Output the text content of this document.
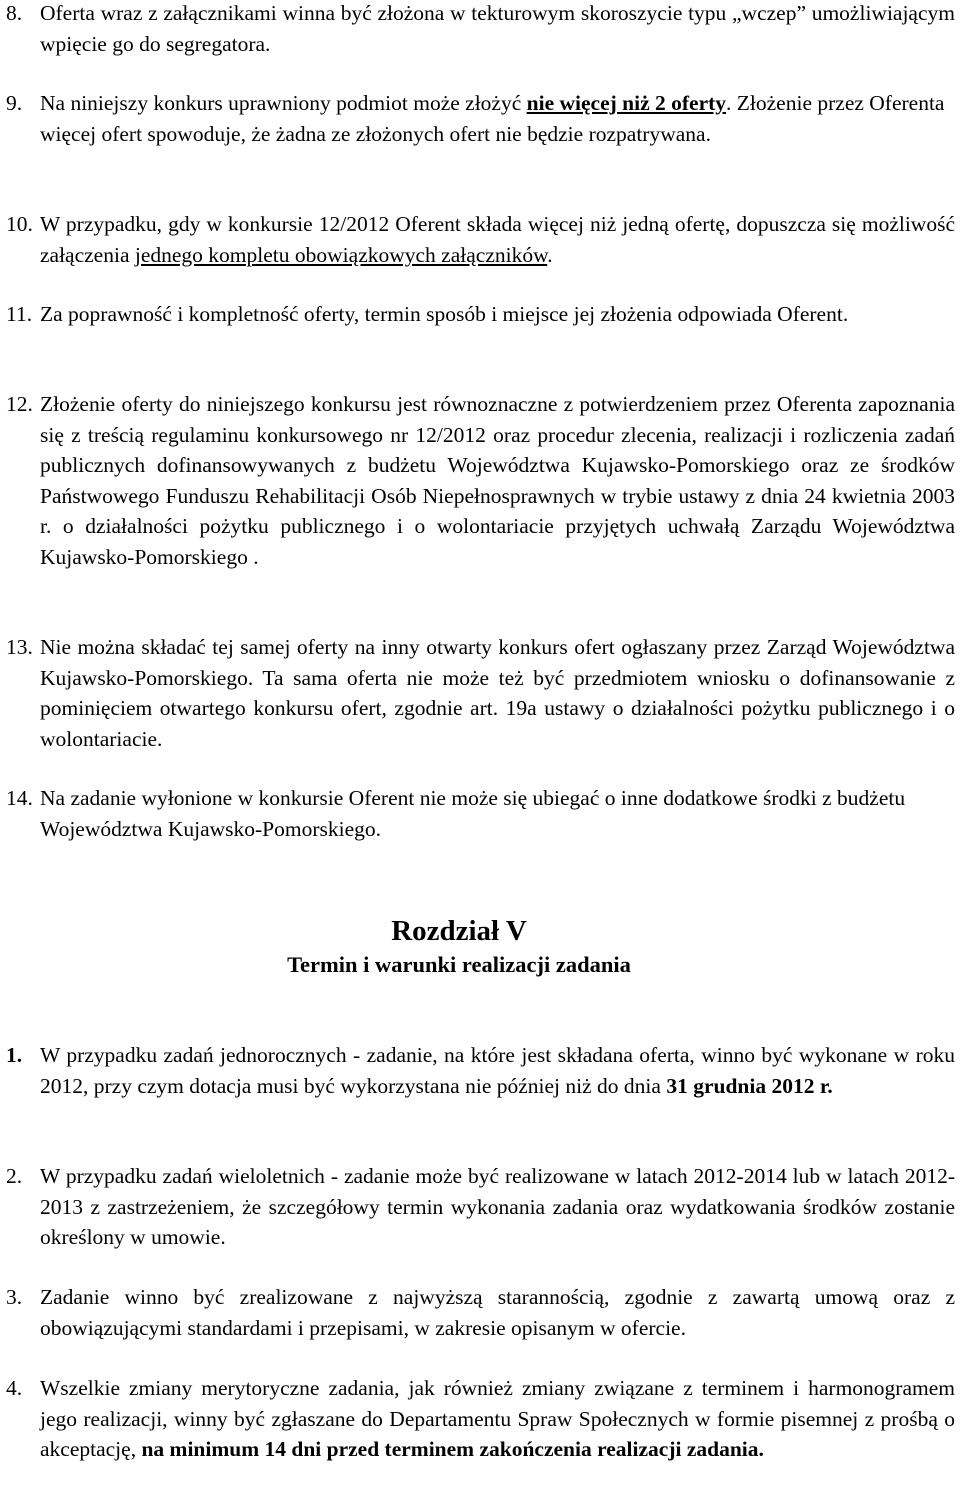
8. Oferta wraz z załącznikami winna być złożona w tekturowym skoroszycie typu „wczep” umożliwiającym wpięcie go do segregatora.
9. Na niniejszy konkurs uprawniony podmiot może złożyć nie więcej niż 2 oferty. Złożenie przez Oferenta więcej ofert spowoduje, że żadna ze złożonych ofert nie będzie rozpatrywana.
10. W przypadku, gdy w konkursie 12/2012 Oferent składa więcej niż jedną ofertę, dopuszcza się możliwość załączenia jednego kompletu obowiązkowych załączników.
11. Za poprawność i kompletność oferty, termin sposób i miejsce jej złożenia odpowiada Oferent.
12. Złożenie oferty do niniejszego konkursu jest równoznaczne z potwierdzeniem przez Oferenta zapoznania się z treścią regulaminu konkursowego nr 12/2012 oraz procedur zlecenia, realizacji i rozliczenia zadań publicznych dofinansowywanych z budżetu Województwa Kujawsko-Pomorskiego oraz ze środków Państwowego Funduszu Rehabilitacji Osób Niepełnosprawnych w trybie ustawy z dnia 24 kwietnia 2003 r. o działalności pożytku publicznego i o wolontariacie przyjętych uchwałą Zarządu Województwa Kujawsko-Pomorskiego .
13. Nie można składać tej samej oferty na inny otwarty konkurs ofert ogłaszany przez Zarząd Województwa Kujawsko-Pomorskiego. Ta sama oferta nie może też być przedmiotem wniosku o dofinansowanie z pominięciem otwartego konkursu ofert, zgodnie art. 19a ustawy o działalności pożytku publicznego i o wolontariacie.
14. Na zadanie wyłonione w konkursie Oferent nie może się ubiegać o inne dodatkowe środki z budżetu Województwa Kujawsko-Pomorskiego.
Rozdział V
Termin i warunki realizacji zadania
1. W przypadku zadań jednorocznych - zadanie, na które jest składana oferta, winno być wykonane w roku 2012, przy czym dotacja musi być wykorzystana nie później niż do dnia 31 grudnia 2012 r.
2. W przypadku zadań wieloletnich - zadanie może być realizowane w latach 2012-2014 lub w latach 2012-2013 z zastrzeżeniem, że szczegółowy termin wykonania zadania oraz wydatkowania środków zostanie określony w umowie.
3. Zadanie winno być zrealizowane z najwyższą starannością, zgodnie z zawartą umową oraz z obowiązującymi standardami i przepisami, w zakresie opisanym w ofercie.
4. Wszelkie zmiany merytoryczne zadania, jak również zmiany związane z terminem i harmonogramem jego realizacji, winny być zgłaszane do Departamentu Spraw Społecznych w formie pisemnej z prośbą o akceptację, na minimum 14 dni przed terminem zakończenia realizacji zadania.
